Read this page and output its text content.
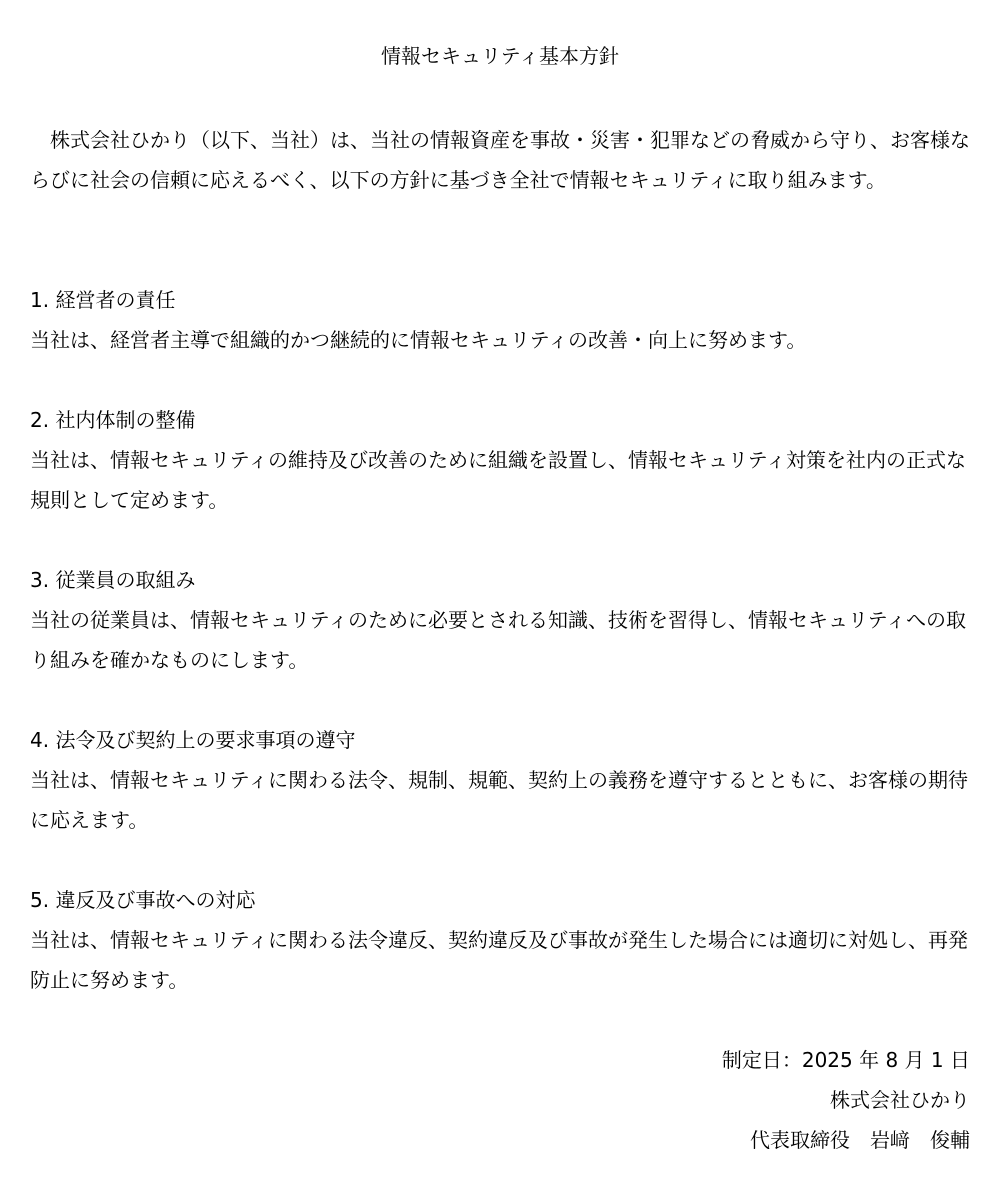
情報セキュリティ基本方針

株式会社ひかり（以下、当社）は、当社の情報資産を事故・災害・犯罪などの脅威から守り、お客様ならびに社会の信頼に応えるべく、以下の方針に基づき全社で情報セキュリティに取り組みます。

1. 経営者の責任
当社は、経営者主導で組織的かつ継続的に情報セキュリティの改善・向上に努めます。
2. 社内体制の整備
当社は、情報セキュリティの維持及び改善のために組織を設置し、情報セキュリティ対策を社内の正式な規則として定めます。
3. 従業員の取組み
当社の従業員は、情報セキュリティのために必要とされる知識、技術を習得し、情報セキュリティへの取り組みを確かなものにします。
4. 法令及び契約上の要求事項の遵守
当社は、情報セキュリティに関わる法令、規制、規範、契約上の義務を遵守するとともに、お客様の期待に応えます。
5. 違反及び事故への対応
当社は、情報セキュリティに関わる法令違反、契約違反及び事故が発生した場合には適切に対処し、再発防止に努めます。
制定日：2025 年 8 月 1 日
株式会社ひかり
代表取締役　岩﨑　俊輔
